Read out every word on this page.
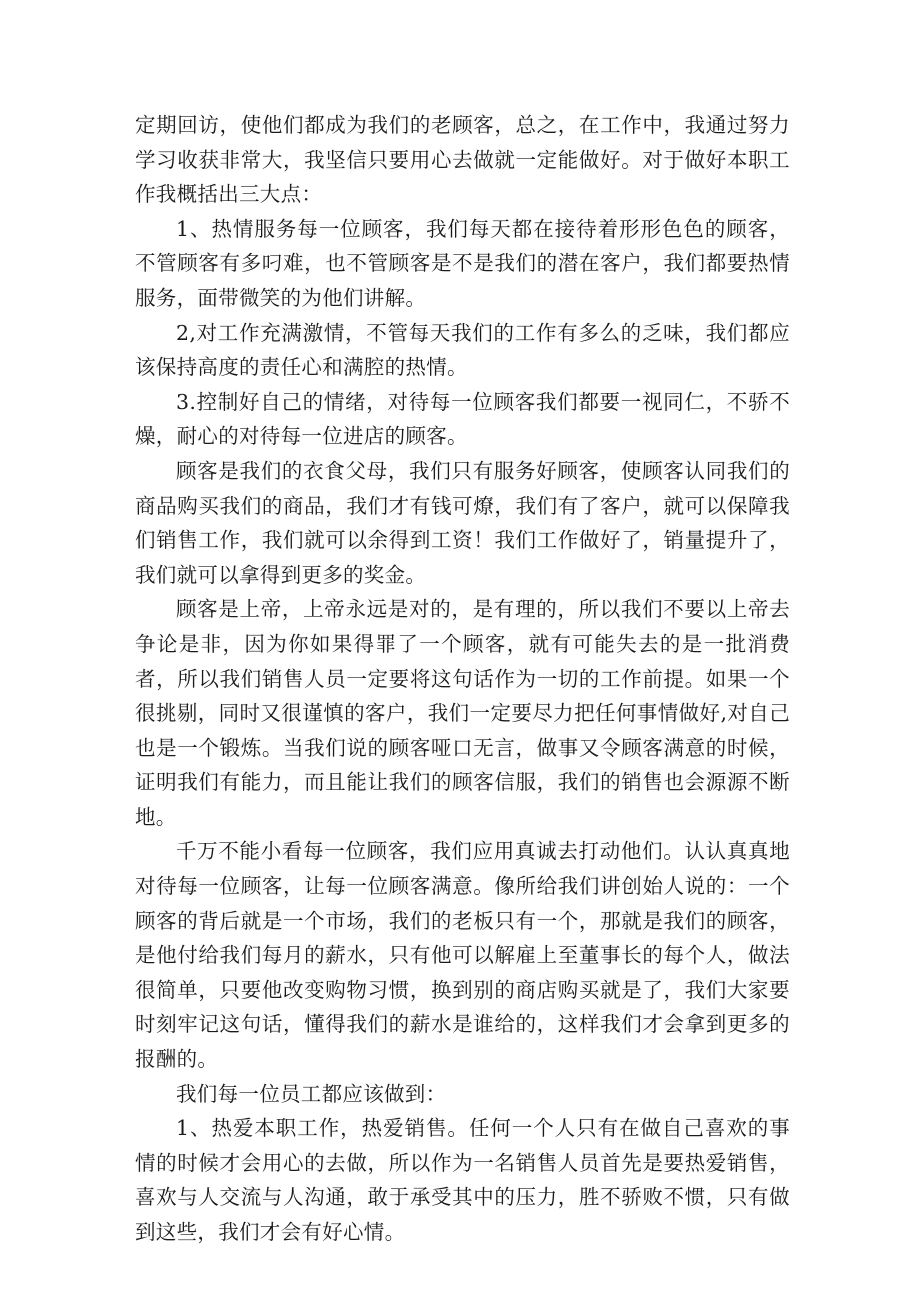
定期回访，使他们都成为我们的老顾客，总之，在工作中，我通过努力学习收获非常大，我坚信只要用心去做就一定能做好。对于做好本职工作我概括出三大点：

1、热情服务每一位顾客，我们每天都在接待着形形色色的顾客，不管顾客有多叼难，也不管顾客是不是我们的潜在客户，我们都要热情服务，面带微笑的为他们讲解。

2,对工作充满激情，不管每天我们的工作有多么的乏味，我们都应该保持高度的责任心和满腔的热情。

3.控制好自己的情绪，对待每一位顾客我们都要一视同仁，不骄不燥，耐心的对待每一位进店的顾客。

顾客是我们的衣食父母，我们只有服务好顾客，使顾客认同我们的商品购买我们的商品，我们才有钱可燎，我们有了客户，就可以保障我们销售工作，我们就可以余得到工资！我们工作做好了，销量提升了，我们就可以拿得到更多的奖金。

顾客是上帝，上帝永远是对的，是有理的，所以我们不要以上帝去争论是非，因为你如果得罪了一个顾客，就有可能失去的是一批消费者，所以我们销售人员一定要将这句话作为一切的工作前提。如果一个很挑剔，同时又很谨慎的客户，我们一定要尽力把任何事情做好,对自己也是一个锻炼。当我们说的顾客哑口无言，做事又令顾客满意的时候，证明我们有能力，而且能让我们的顾客信服，我们的销售也会源源不断地。

千万不能小看每一位顾客，我们应用真诚去打动他们。认认真真地对待每一位顾客，让每一位顾客满意。像所给我们讲创始人说的：一个顾客的背后就是一个市场，我们的老板只有一个，那就是我们的顾客，是他付给我们每月的薪水，只有他可以解雇上至董事长的每个人，做法很简单，只要他改变购物习惯，换到别的商店购买就是了，我们大家要时刻牢记这句话，懂得我们的薪水是谁给的，这样我们才会拿到更多的报酬的。

我们每一位员工都应该做到：

1、热爱本职工作，热爱销售。任何一个人只有在做自己喜欢的事情的时候才会用心的去做，所以作为一名销售人员首先是要热爱销售，喜欢与人交流与人沟通，敢于承受其中的压力，胜不骄败不惯，只有做到这些，我们才会有好心情。
